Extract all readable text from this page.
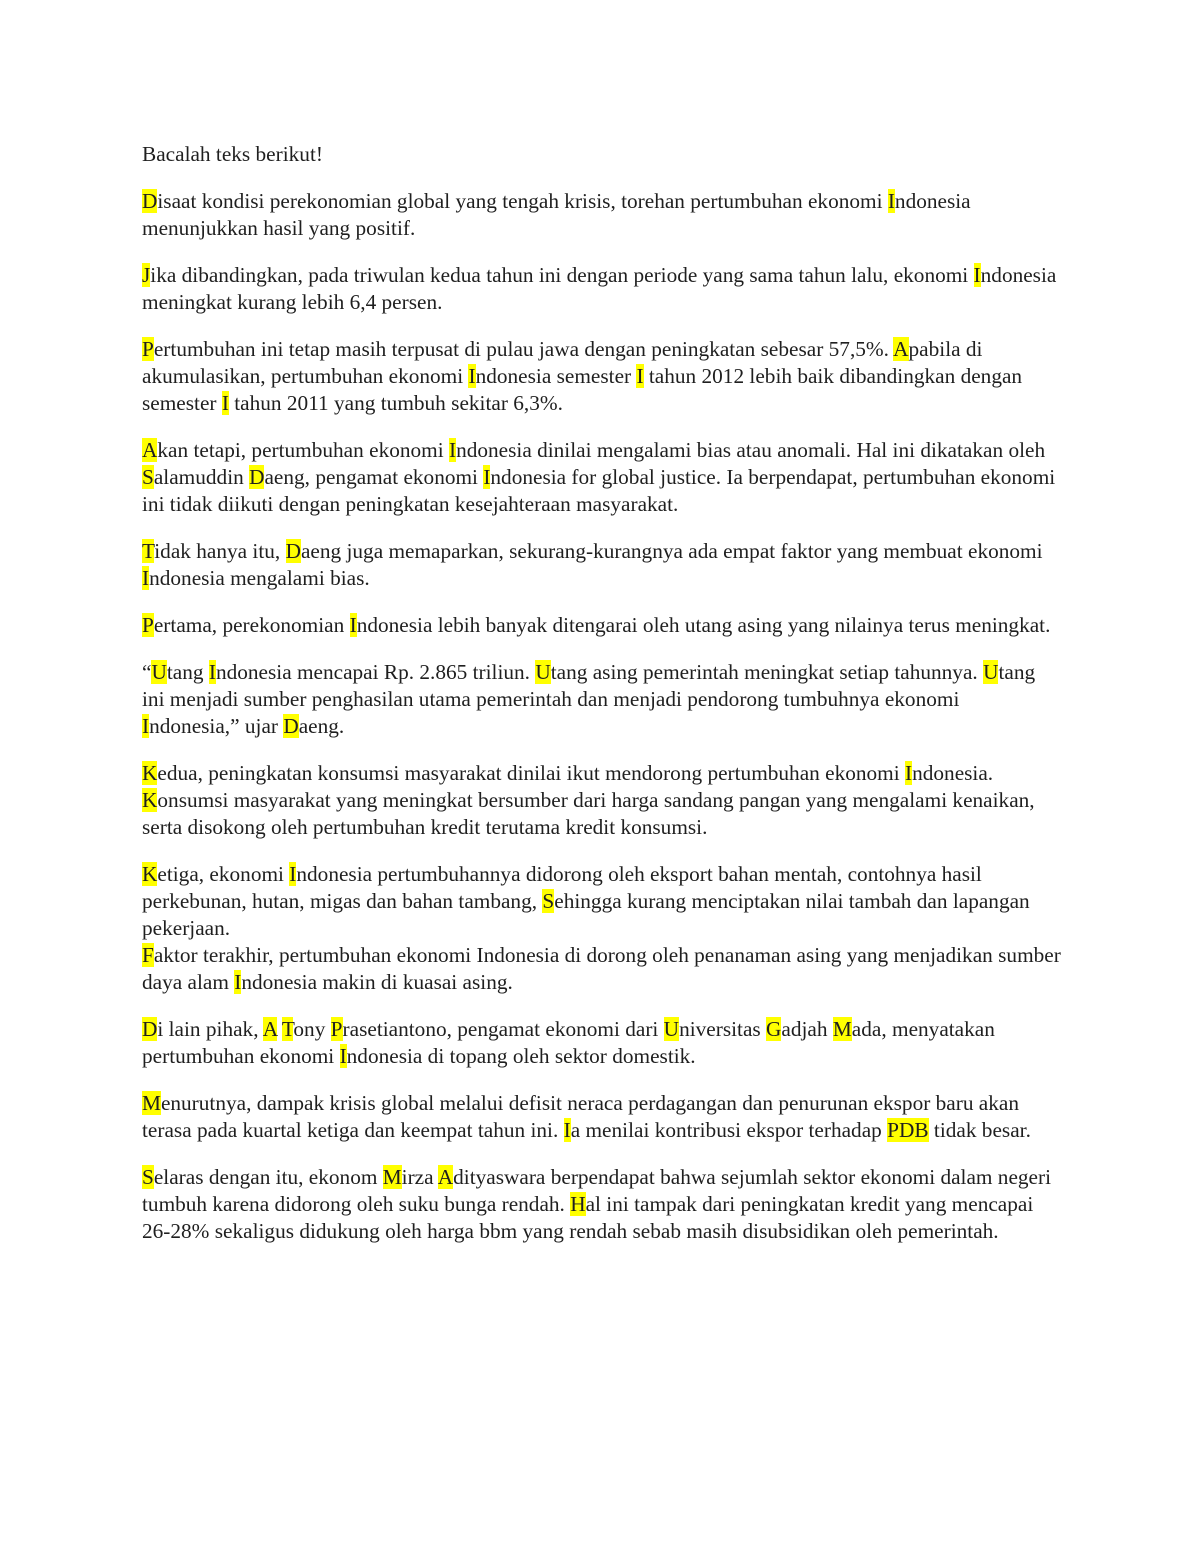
Bacalah teks berikut!

Disaat kondisi perekonomian global yang tengah krisis, torehan pertumbuhan ekonomi Indonesia menunjukkan hasil yang positif.

Jika dibandingkan, pada triwulan kedua tahun ini dengan periode yang sama tahun lalu, ekonomi Indonesia meningkat kurang lebih 6,4 persen.

Pertumbuhan ini tetap masih terpusat di pulau jawa dengan peningkatan sebesar 57,5%. Apabila di akumulasikan, pertumbuhan ekonomi Indonesia semester I tahun 2012 lebih baik dibandingkan dengan semester I tahun 2011 yang tumbuh sekitar 6,3%.

Akan tetapi, pertumbuhan ekonomi Indonesia dinilai mengalami bias atau anomali. Hal ini dikatakan oleh Salamuddin Daeng, pengamat ekonomi Indonesia for global justice. Ia berpendapat, pertumbuhan ekonomi ini tidak diikuti dengan peningkatan kesejahteraan masyarakat.

Tidak hanya itu, Daeng juga memaparkan, sekurang-kurangnya ada empat faktor yang membuat ekonomi Indonesia mengalami bias.

Pertama, perekonomian Indonesia lebih banyak ditengarai oleh utang asing yang nilainya terus meningkat.

“Utang Indonesia mencapai Rp. 2.865 triliun. Utang asing pemerintah meningkat setiap tahunnya. Utang ini menjadi sumber penghasilan utama pemerintah dan menjadi pendorong tumbuhnya ekonomi Indonesia,” ujar Daeng.

Kedua, peningkatan konsumsi masyarakat dinilai ikut mendorong pertumbuhan ekonomi Indonesia. Konsumsi masyarakat yang meningkat bersumber dari harga sandang pangan yang mengalami kenaikan, serta disokong oleh pertumbuhan kredit terutama kredit konsumsi.

Ketiga, ekonomi Indonesia pertumbuhannya didorong oleh eksport bahan mentah, contohnya hasil perkebunan, hutan, migas dan bahan tambang, Sehingga kurang menciptakan nilai tambah dan lapangan pekerjaan.

Faktor terakhir, pertumbuhan ekonomi Indonesia di dorong oleh penanaman asing yang menjadikan sumber daya alam Indonesia makin di kuasai asing.

Di lain pihak, A Tony Prasetiantono, pengamat ekonomi dari Universitas Gadjah Mada, menyatakan pertumbuhan ekonomi Indonesia di topang oleh sektor domestik.

Menurutnya, dampak krisis global melalui defisit neraca perdagangan dan penurunan ekspor baru akan terasa pada kuartal ketiga dan keempat tahun ini. Ia menilai kontribusi ekspor terhadap PDB tidak besar.

Selaras dengan itu, ekonom Mirza Adityaswara berpendapat bahwa sejumlah sektor ekonomi dalam negeri tumbuh karena didorong oleh suku bunga rendah. Hal ini tampak dari peningkatan kredit yang mencapai 26-28% sekaligus didukung oleh harga bbm yang rendah sebab masih disubsidikan oleh pemerintah.
